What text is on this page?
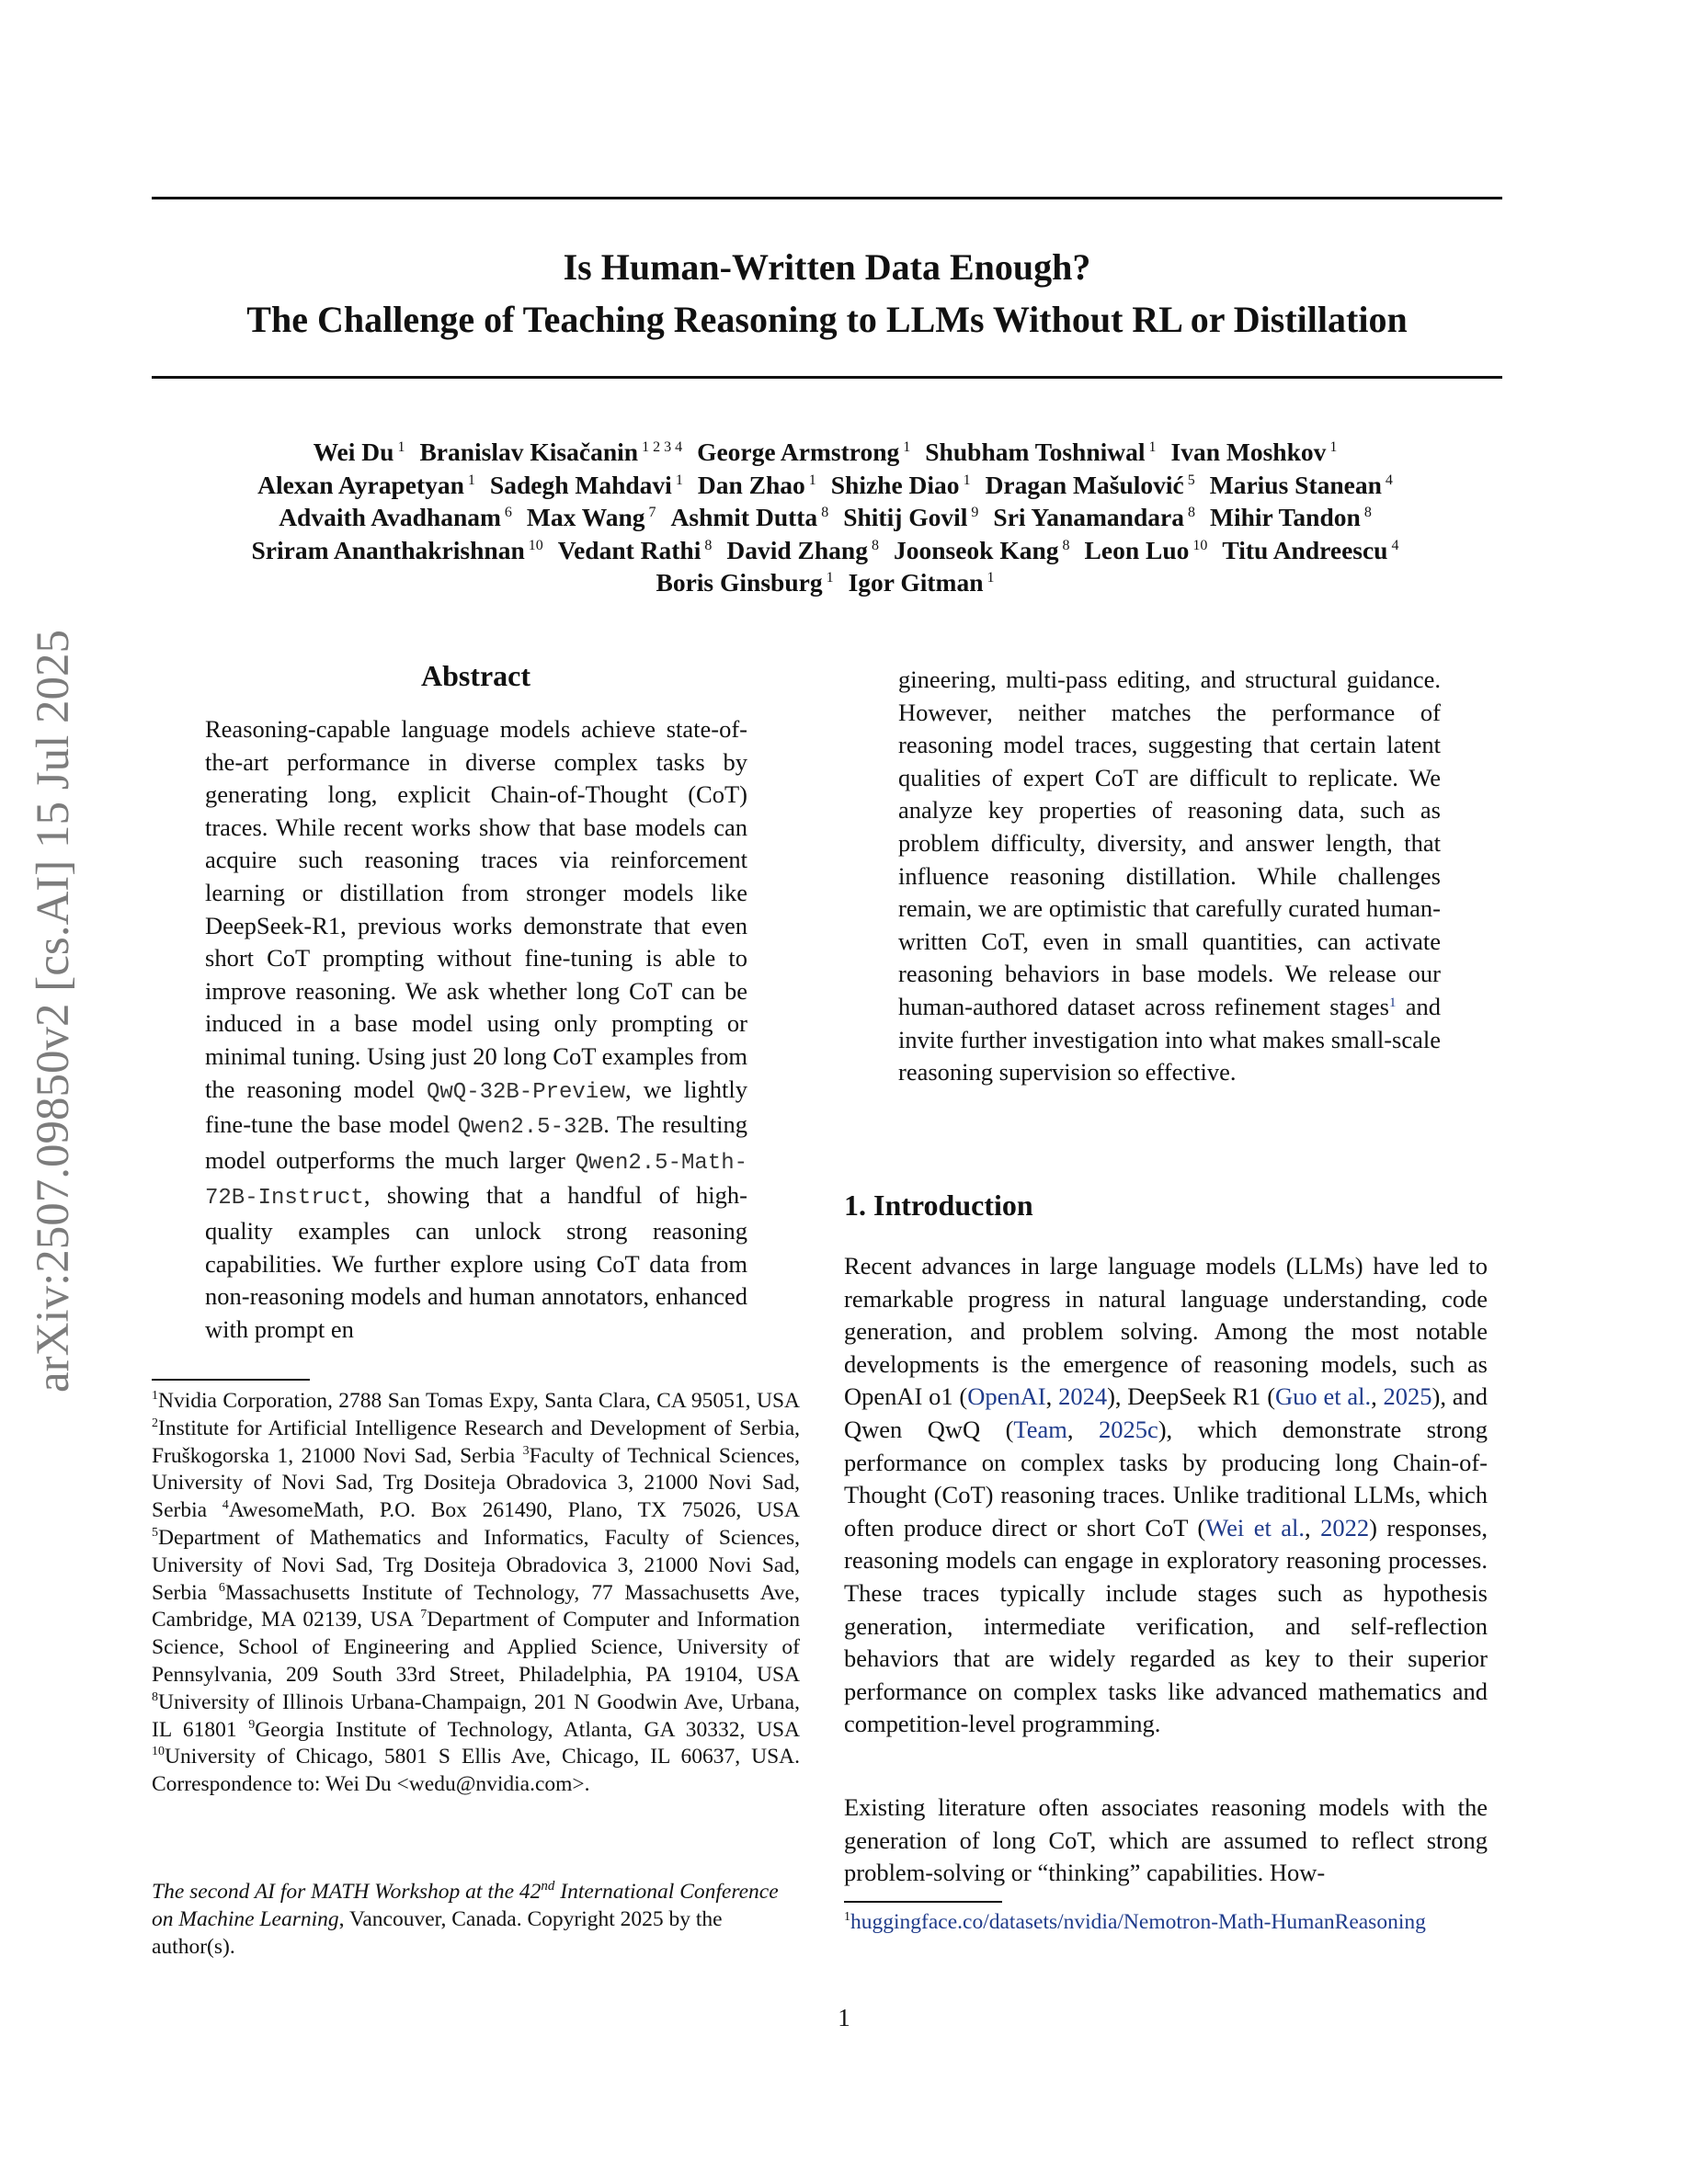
Is Human-Written Data Enough?
The Challenge of Teaching Reasoning to LLMs Without RL or Distillation
Wei Du $^1$ Branislav Kisačanin $^{1 2 3 4}$ George Armstrong $^1$ Shubham Toshniwal $^1$ Ivan Moshkov $^1$
Alexan Ayrapetyan $^1$ Sadegh Mahdavi $^1$ Dan Zhao $^1$ Shizhe Diao $^1$ Dragan Mašulović $^5$ Marius Stanean $^4$
Advaith Avadhanam $^6$ Max Wang $^7$ Ashmit Dutta $^8$ Shitij Govil $^9$ Sri Yanamandara $^8$ Mihir Tandon $^8$
Sriram Ananthakrishnan $^{10}$ Vedant Rathi $^8$ David Zhang $^8$ Joonseok Kang $^8$ Leon Luo $^{10}$ Titu Andreescu $^4$
Boris Ginsburg $^1$ Igor Gitman $^1$
arXiv:2507.09850v2 [cs.AI] 15 Jul 2025	Abstract
Reasoning-capable language models achieve state-of-the-art performance in diverse complex tasks by generating long, explicit Chain-of-Thought (CoT) traces. While recent works show that base models can acquire such reasoning traces via reinforcement learning or distillation from stronger models like DeepSeek-R1, previous works demonstrate that even short CoT prompting without fine-tuning is able to improve reasoning. We ask whether long CoT can be induced in a base model using only prompting or minimal tuning. Using just 20 long CoT examples from the reasoning model QwQ-32B-Preview, we lightly fine-tune the base model Qwen2.5-32B. The resulting model outperforms the much larger Qwen2.5-Math-72B-Instruct, showing that a handful of high-quality examples can unlock strong reasoning capabilities. We further explore using CoT data from non-reasoning models and human annotators, enhanced with prompt en
gineering, multi-pass editing, and structural guidance. However, neither matches the performance of reasoning model traces, suggesting that certain latent qualities of expert CoT are difficult to replicate. We analyze key properties of reasoning data, such as problem difficulty, diversity, and answer length, that influence reasoning distillation. While challenges remain, we are optimistic that carefully curated human-written CoT, even in small quantities, can activate reasoning behaviors in base models. We release our human-authored dataset across refinement stages$^1$ and invite further investigation into what makes small-scale reasoning supervision so effective.
$^1$Nvidia Corporation, 2788 San Tomas Expy, Santa Clara, CA 95051, USA $^2$Institute for Artificial Intelligence Research and Development of Serbia, Fruškogorska 1, 21000 Novi Sad, Serbia $^3$Faculty of Technical Sciences, University of Novi Sad, Trg Dositeja Obradovica 3, 21000 Novi Sad, Serbia $^4$AwesomeMath, P.O. Box 261490, Plano, TX 75026, USA $^5$Department of Mathematics and Informatics, Faculty of Sciences, University of Novi Sad, Trg Dositeja Obradovica 3, 21000 Novi Sad, Serbia $^6$Massachusetts Institute of Technology, 77 Massachusetts Ave, Cambridge, MA 02139, USA $^7$Department of Computer and Information Science, School of Engineering and Applied Science, University of Pennsylvania, 209 South 33rd Street, Philadelphia, PA 19104, USA $^8$University of Illinois Urbana-Champaign, 201 N Goodwin Ave, Urbana, IL 61801 $^9$Georgia Institute of Technology, Atlanta, GA 30332, USA $^{10}$University of Chicago, 5801 S Ellis Ave, Chicago, IL 60637, USA. Correspondence to: Wei Du <wedu@nvidia.com>.
The second AI for MATH Workshop at the 42nd International Conference on Machine Learning, Vancouver, Canada. Copyright 2025 by the author(s).
1. Introduction
Recent advances in large language models (LLMs) have led to remarkable progress in natural language understanding, code generation, and problem solving. Among the most notable developments is the emergence of reasoning models, such as OpenAI o1 (OpenAI, 2024), DeepSeek R1 (Guo et al., 2025), and Qwen QwQ (Team, 2025c), which demonstrate strong performance on complex tasks by producing long Chain-of-Thought (CoT) reasoning traces. Unlike traditional LLMs, which often produce direct or short CoT (Wei et al., 2022) responses, reasoning models can engage in exploratory reasoning processes. These traces typically include stages such as hypothesis generation, intermediate verification, and self-reflection behaviors that are widely regarded as key to their superior performance on complex tasks like advanced mathematics and competition-level programming.
Existing literature often associates reasoning models with the generation of long CoT, which are assumed to reflect strong problem-solving or “thinking” capabilities. How-
$^1$huggingface.co/datasets/nvidia/Nemotron-Math-HumanReasoning
1
